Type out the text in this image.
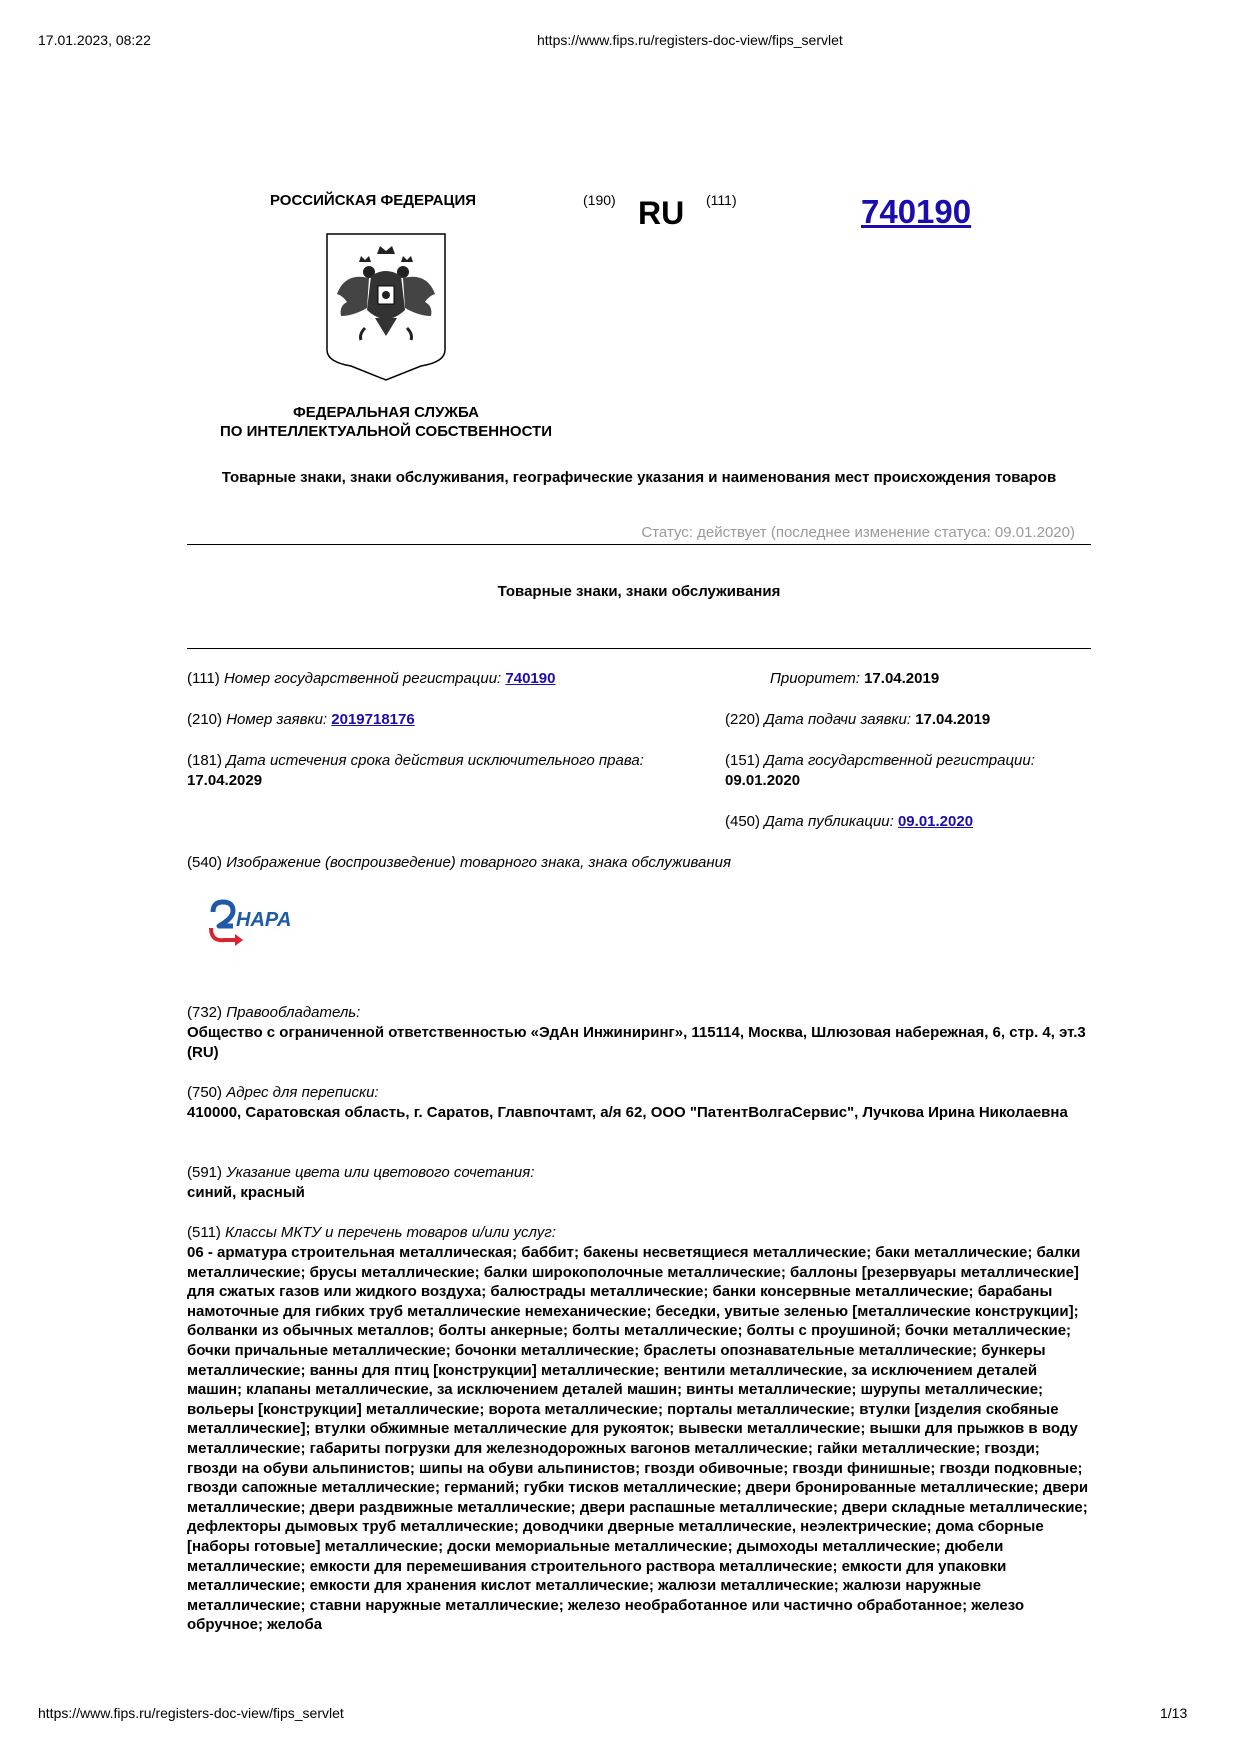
17.01.2023, 08:22	https://www.fips.ru/registers-doc-view/fips_servlet
РОССИЙСКАЯ ФЕДЕРАЦИЯ	(190) RU (111)	740190
ФЕДЕРАЛЬНАЯ СЛУЖБА
ПО ИНТЕЛЛЕКТУАЛЬНОЙ СОБСТВЕННОСТИ
Товарные знаки, знаки обслуживания, географические указания и наименования мест происхождения товаров
Статус: действует (последнее изменение статуса: 09.01.2020)
Товарные знаки, знаки обслуживания
(111) Номер государственной регистрации: 740190	Приоритет: 17.04.2019
(210) Номер заявки: 2019718176	(220) Дата подачи заявки: 17.04.2019
(181) Дата истечения срока действия исключительного права:
17.04.2029
(151) Дата государственной регистрации:
09.01.2020
(450) Дата публикации: 09.01.2020
(540) Изображение (воспроизведение) товарного знака, знака обслуживания
НАРА
(732) Правообладатель:
Общество с ограниченной ответственностью «ЭдАн Инжиниринг», 115114, Москва, Шлюзовая набережная, 6, стр. 4, эт.3 (RU)
(750) Адрес для переписки:
410000, Саратовская область, г. Саратов, Главпочтамт, а/я 62, ООО "ПатентВолгаСервис", Лучкова Ирина Николаевна
(591) Указание цвета или цветового сочетания:
синий, красный
(511) Классы МКТУ и перечень товаров и/или услуг:
06 - арматура строительная металлическая; баббит; бакены несветящиеся металлические; баки металлические; балки металлические; брусы металлические; балки широкополочные металлические; баллоны [резервуары металлические] для сжатых газов или жидкого воздуха; балюстрады металлические; банки консервные металлические; барабаны намоточные для гибких труб металлические немеханические; беседки, увитые зеленью [металлические конструкции]; болванки из обычных металлов; болты анкерные; болты металлические; болты с проушиной; бочки металлические; бочки причальные металлические; бочонки металлические; браслеты опознавательные металлические; бункеры металлические; ванны для птиц [конструкции] металлические; вентили металлические, за исключением деталей машин; клапаны металлические, за исключением деталей машин; винты металлические; шурупы металлические; вольеры [конструкции] металлические; ворота металлические; порталы металлические; втулки [изделия скобяные металлические]; втулки обжимные металлические для рукояток; вывески металлические; вышки для прыжков в воду металлические; габариты погрузки для железнодорожных вагонов металлические; гайки металлические; гвозди; гвозди на обуви альпинистов; шипы на обуви альпинистов; гвозди обивочные; гвозди финишные; гвозди подковные; гвозди сапожные металлические; германий; губки тисков металлические; двери бронированные металлические; двери металлические; двери раздвижные металлические; двери распашные металлические; двери складные металлические; дефлекторы дымовых труб металлические; доводчики дверные металлические, неэлектрические; дома сборные [наборы готовые] металлические; доски мемориальные металлические; дымоходы металлические; дюбели металлические; емкости для перемешивания строительного раствора металлические; емкости для упаковки металлические; емкости для хранения кислот металлические; жалюзи металлические; жалюзи наружные металлические; ставни наружные металлические; железо необработанное или частично обработанное; железо обручное; желоба
https://www.fips.ru/registers-doc-view/fips_servlet	1/13
